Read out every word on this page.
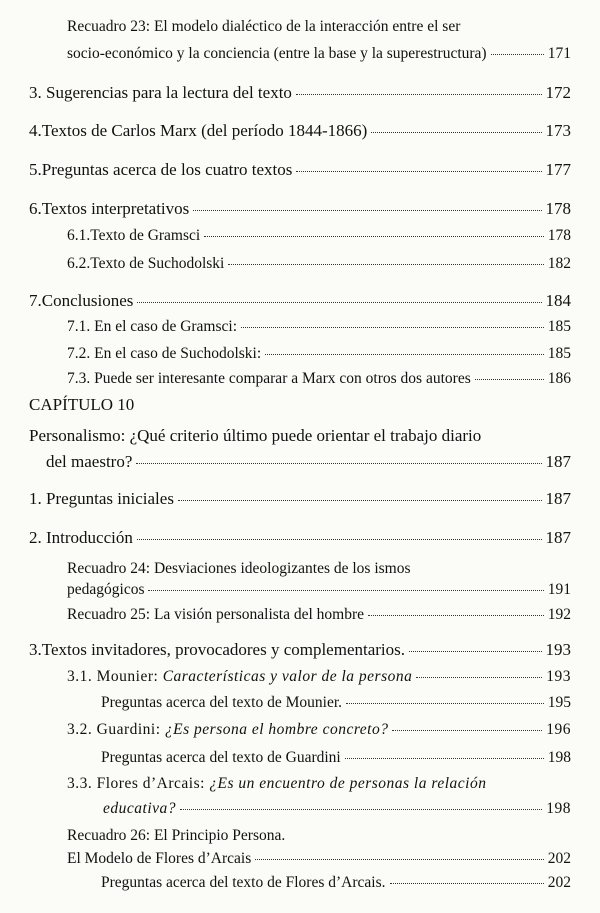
Recuadro 23: El modelo dialéctico de la interacción entre el ser
socio-económico y la conciencia (entre la base y la superestructura)	171
3. Sugerencias para la lectura del texto	172
4.Textos de Carlos Marx (del período 1844-1866)	173
5.Preguntas acerca de los cuatro textos	177
6.Textos interpretativos	178
6.1.Texto de Gramsci	178
6.2.Texto de Suchodolski	182
7.Conclusiones	184
7.1. En el caso de Gramsci:	185
7.2. En el caso de Suchodolski:	185
7.3. Puede ser interesante comparar a Marx con otros dos autores	186
CAPÍTULO 10
Personalismo: ¿Qué criterio último puede orientar el trabajo diario
del maestro?	187
1. Preguntas iniciales	187
2. Introducción	187
Recuadro 24: Desviaciones ideologizantes de los ismos
pedagógicos	191
Recuadro 25: La visión personalista del hombre	192
3.Textos invitadores, provocadores y complementarios.	193
3.1. Mounier: Características y valor de la persona	193
Preguntas acerca del texto de Mounier.	195
3.2. Guardini: ¿Es persona el hombre concreto?	196
Preguntas acerca del texto de Guardini	198
3.3. Flores d’Arcais: ¿Es un encuentro de personas la relación
educativa?	198
Recuadro 26: El Principio Persona.
El Modelo de Flores d’Arcais	202
Preguntas acerca del texto de Flores d’Arcais.	202
